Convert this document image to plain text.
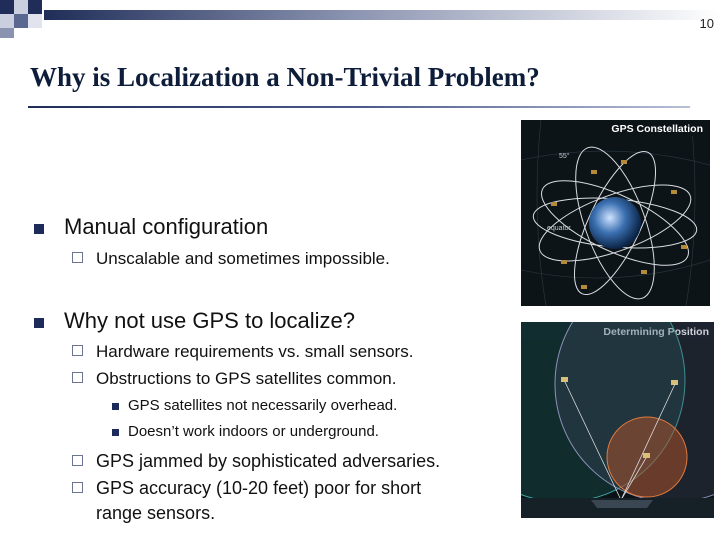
10
Why is Localization a Non-Trivial Problem?
Manual configuration
Unscalable and sometimes impossible.
Why not use GPS to localize?
Hardware requirements vs. small sensors.
Obstructions to GPS satellites common.
GPS satellites not necessarily overhead.
Doesn’t work indoors or underground.
GPS jammed by sophisticated adversaries.
GPS accuracy (10-20 feet) poor for short
range sensors.
GPS Constellation
55°
equator
Determining Position
